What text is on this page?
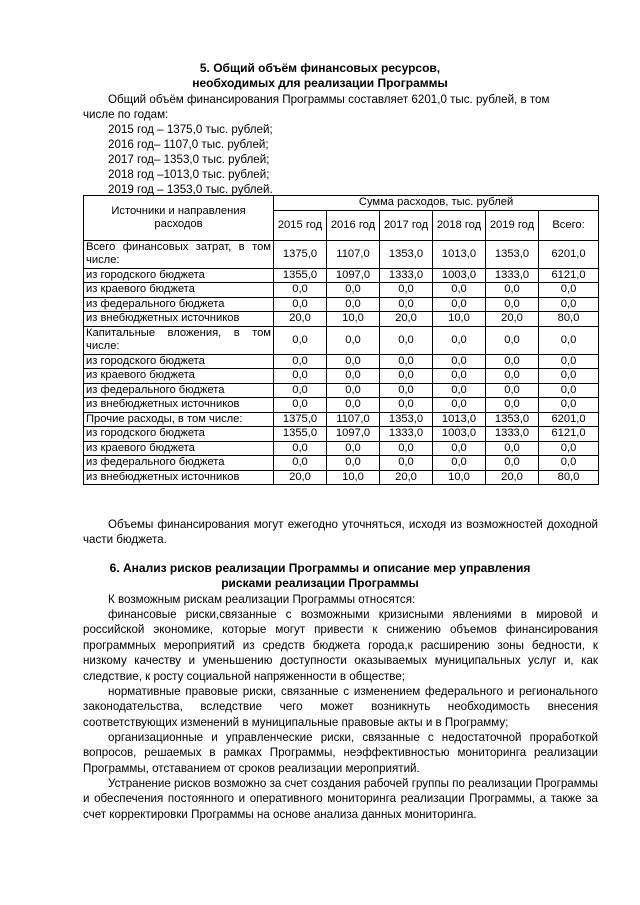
5. Общий объём финансовых ресурсов,
необходимых для реализации Программы
Общий объём финансирования Программы составляет 6201,0 тыс. рублей, в том
числе по годам:
2015 год – 1375,0 тыс. рублей;
2016 год– 1107,0 тыс. рублей;
2017 год– 1353,0 тыс. рублей;
2018 год –1013,0 тыс. рублей;
2019 год – 1353,0 тыс. рублей.
Источники и направления расходов	Сумма расходов, тыс. рублей					
	2015 год	2016 год	2017 год	2018 год	2019 год	Всего:
Всего финансовых затрат, в том числе:	1375,0	1107,0	1353,0	1013,0	1353,0	6201,0
из городского бюджета	1355,0	1097,0	1333,0	1003,0	1333,0	6121,0
из краевого бюджета	0,0	0,0	0,0	0,0	0,0	0,0
из федерального бюджета	0,0	0,0	0,0	0,0	0,0	0,0
из внебюджетных источников	20,0	10,0	20,0	10,0	20,0	80,0
Капитальные вложения, в том числе:	0,0	0,0	0,0	0,0	0,0	0,0
из городского бюджета	0,0	0,0	0,0	0,0	0,0	0,0
из краевого бюджета	0,0	0,0	0,0	0,0	0,0	0,0
из федерального бюджета	0,0	0,0	0,0	0,0	0,0	0,0
из внебюджетных источников	0,0	0,0	0,0	0,0	0,0	0,0
Прочие расходы, в том числе:	1375,0	1107,0	1353,0	1013,0	1353,0	6201,0
из городского бюджета	1355,0	1097,0	1333,0	1003,0	1333,0	6121,0
из краевого бюджета	0,0	0,0	0,0	0,0	0,0	0,0
из федерального бюджета	0,0	0,0	0,0	0,0	0,0	0,0
из внебюджетных источников	20,0	10,0	20,0	10,0	20,0	80,0
Объемы финансирования могут ежегодно уточняться, исходя из возможностей доходной части бюджета.
6. Анализ рисков реализации Программы и описание мер управления
рисками реализации Программы
К возможным рискам реализации Программы относятся:
финансовые риски,связанные с возможными кризисными явлениями в мировой и российской экономике, которые могут привести к снижению объемов финансирования программных мероприятий из средств бюджета города,к расширению зоны бедности, к низкому качеству и уменьшению доступности оказываемых муниципальных услуг и, как следствие, к росту социальной напряженности в обществе;
нормативные правовые риски, связанные с изменением федерального и регионального законодательства, вследствие чего может возникнуть необходимость внесения соответствующих изменений в муниципальные правовые акты и в Программу;
организационные и управленческие риски, связанные с недостаточной проработкой вопросов, решаемых в рамках Программы, неэффективностью мониторинга реализации Программы, отставанием от сроков реализации мероприятий.
Устранение рисков возможно за счет создания рабочей группы по реализации Программы и обеспечения постоянного и оперативного мониторинга реализации Программы, а также за счет корректировки Программы на основе анализа данных мониторинга.
